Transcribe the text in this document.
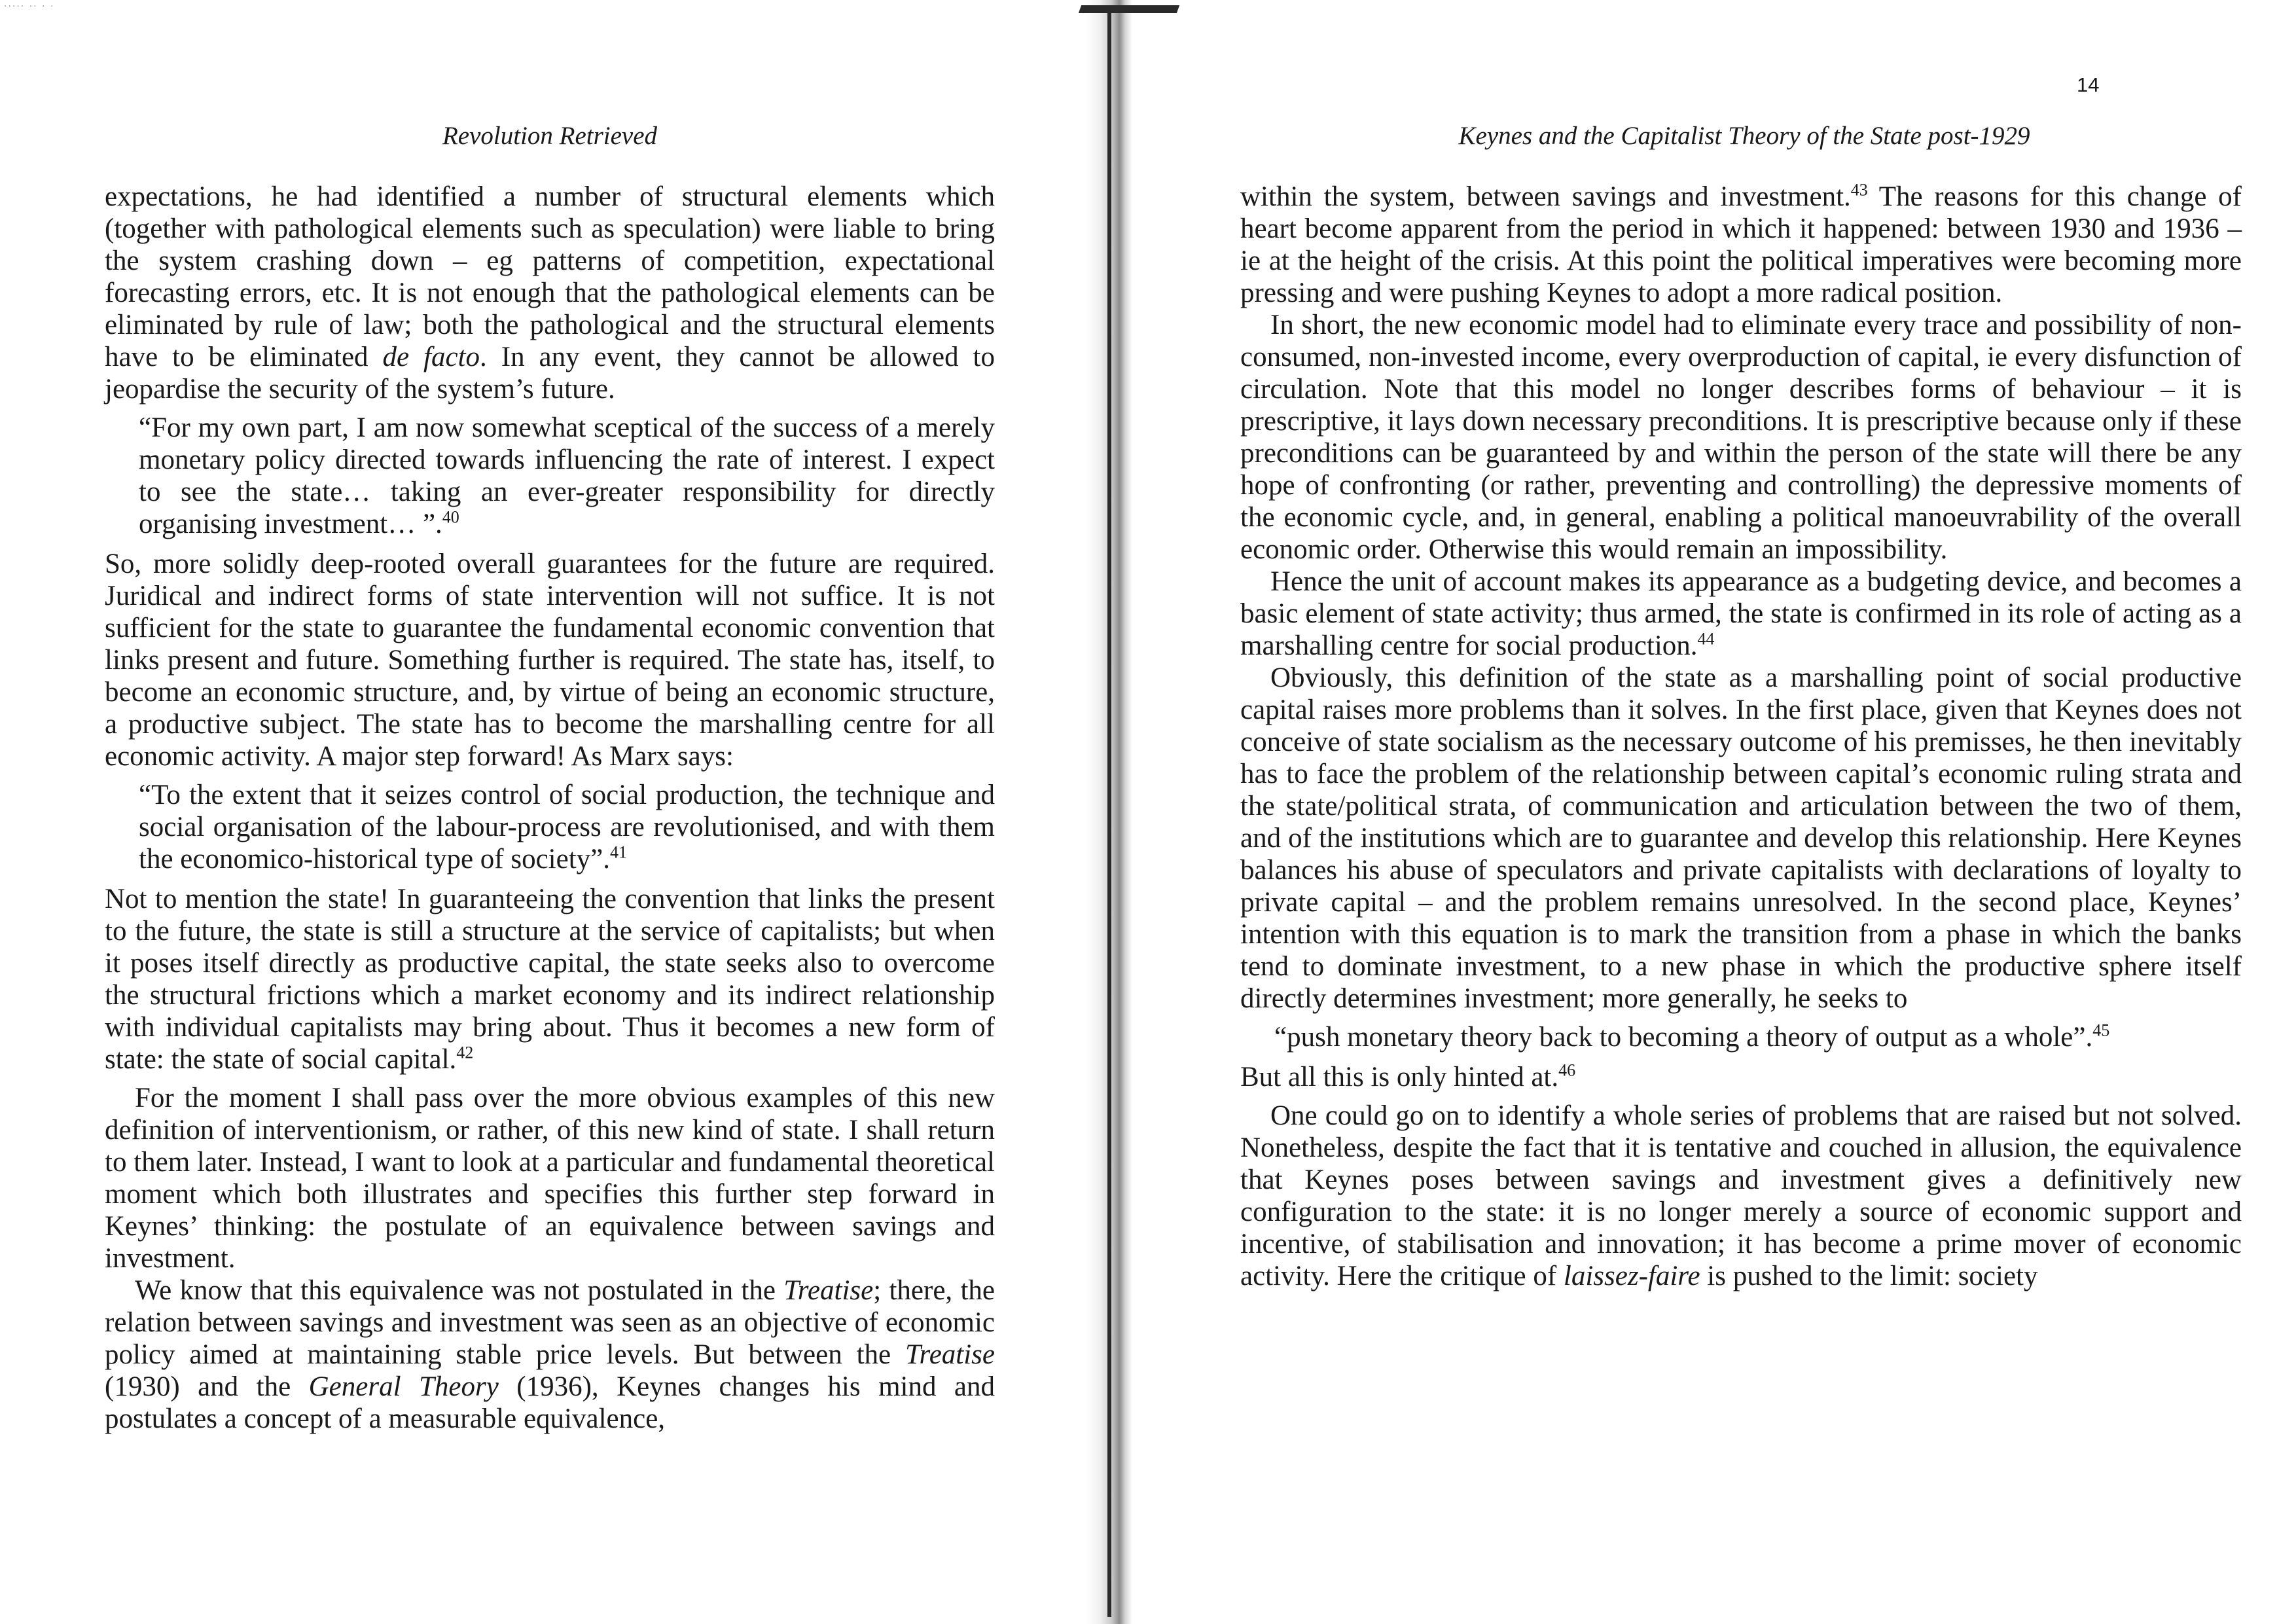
⋅⋅⋅⋅⋅ ⋅⋅ ⋅ ⋅
Revolution Retrieved

expectations, he had identified a number of structural elements which (together with pathological elements such as speculation) were liable to bring the system crashing down – eg patterns of competition, expectational forecasting errors, etc. It is not enough that the pathological elements can be eliminated by rule of law; both the pathological and the structural elements have to be eliminated de facto. In any event, they cannot be allowed to jeopardise the security of the system’s future.

“For my own part, I am now somewhat sceptical of the success of a merely monetary policy directed towards influencing the rate of interest. I expect to see the state… taking an ever-greater responsibility for directly organising investment… ”.$^{40}$

So, more solidly deep-rooted overall guarantees for the future are required. Juridical and indirect forms of state intervention will not suffice. It is not sufficient for the state to guarantee the fundamental economic convention that links present and future. Something further is required. The state has, itself, to become an economic structure, and, by virtue of being an economic structure, a productive subject. The state has to become the marshalling centre for all economic activity. A major step forward! As Marx says:

“To the extent that it seizes control of social production, the technique and social organisation of the labour-process are revolutionised, and with them the economico-historical type of society”.$^{41}$

Not to mention the state! In guaranteeing the convention that links the present to the future, the state is still a structure at the service of capitalists; but when it poses itself directly as productive capital, the state seeks also to overcome the structural frictions which a market economy and its indirect relationship with individual capitalists may bring about. Thus it becomes a new form of state: the state of social capital.$^{42}$

For the moment I shall pass over the more obvious examples of this new definition of interventionism, or rather, of this new kind of state. I shall return to them later. Instead, I want to look at a particular and fundamental theoretical moment which both illustrates and specifies this further step forward in Keynes’ thinking: the postulate of an equivalence between savings and investment.

We know that this equivalence was not postulated in the Treatise; there, the relation between savings and investment was seen as an objective of economic policy aimed at maintaining stable price levels. But between the Treatise (1930) and the General Theory (1936), Keynes changes his mind and postulates a concept of a measurable equivalence,

14
Keynes and the Capitalist Theory of the State post-1929

within the system, between savings and investment.$^{43}$ The reasons for this change of heart become apparent from the period in which it happened: between 1930 and 1936 – ie at the height of the crisis. At this point the political imperatives were becoming more pressing and were pushing Keynes to adopt a more radical position.

In short, the new economic model had to eliminate every trace and possibility of non-consumed, non-invested income, every overproduction of capital, ie every disfunction of circulation. Note that this model no longer describes forms of behaviour – it is prescriptive, it lays down necessary preconditions. It is prescriptive because only if these preconditions can be guaranteed by and within the person of the state will there be any hope of confronting (or rather, preventing and controlling) the depressive moments of the economic cycle, and, in general, enabling a political manoeuvrability of the overall economic order. Otherwise this would remain an impossibility.

Hence the unit of account makes its appearance as a budgeting device, and becomes a basic element of state activity; thus armed, the state is confirmed in its role of acting as a marshalling centre for social production.$^{44}$

Obviously, this definition of the state as a marshalling point of social productive capital raises more problems than it solves. In the first place, given that Keynes does not conceive of state socialism as the necessary outcome of his premisses, he then inevitably has to face the problem of the relationship between capital’s economic ruling strata and the state/political strata, of communication and articulation between the two of them, and of the institutions which are to guarantee and develop this relationship. Here Keynes balances his abuse of speculators and private capitalists with declarations of loyalty to private capital – and the problem remains unresolved. In the second place, Keynes’ intention with this equation is to mark the transition from a phase in which the banks tend to dominate investment, to a new phase in which the productive sphere itself directly determines investment; more generally, he seeks to

“push monetary theory back to becoming a theory of output as a whole”.$^{45}$

But all this is only hinted at.$^{46}$

One could go on to identify a whole series of problems that are raised but not solved. Nonetheless, despite the fact that it is tentative and couched in allusion, the equivalence that Keynes poses between savings and investment gives a definitively new configuration to the state: it is no longer merely a source of economic support and incentive, of stabilisation and innovation; it has become a prime mover of economic activity. Here the critique of laissez-faire is pushed to the limit: society
